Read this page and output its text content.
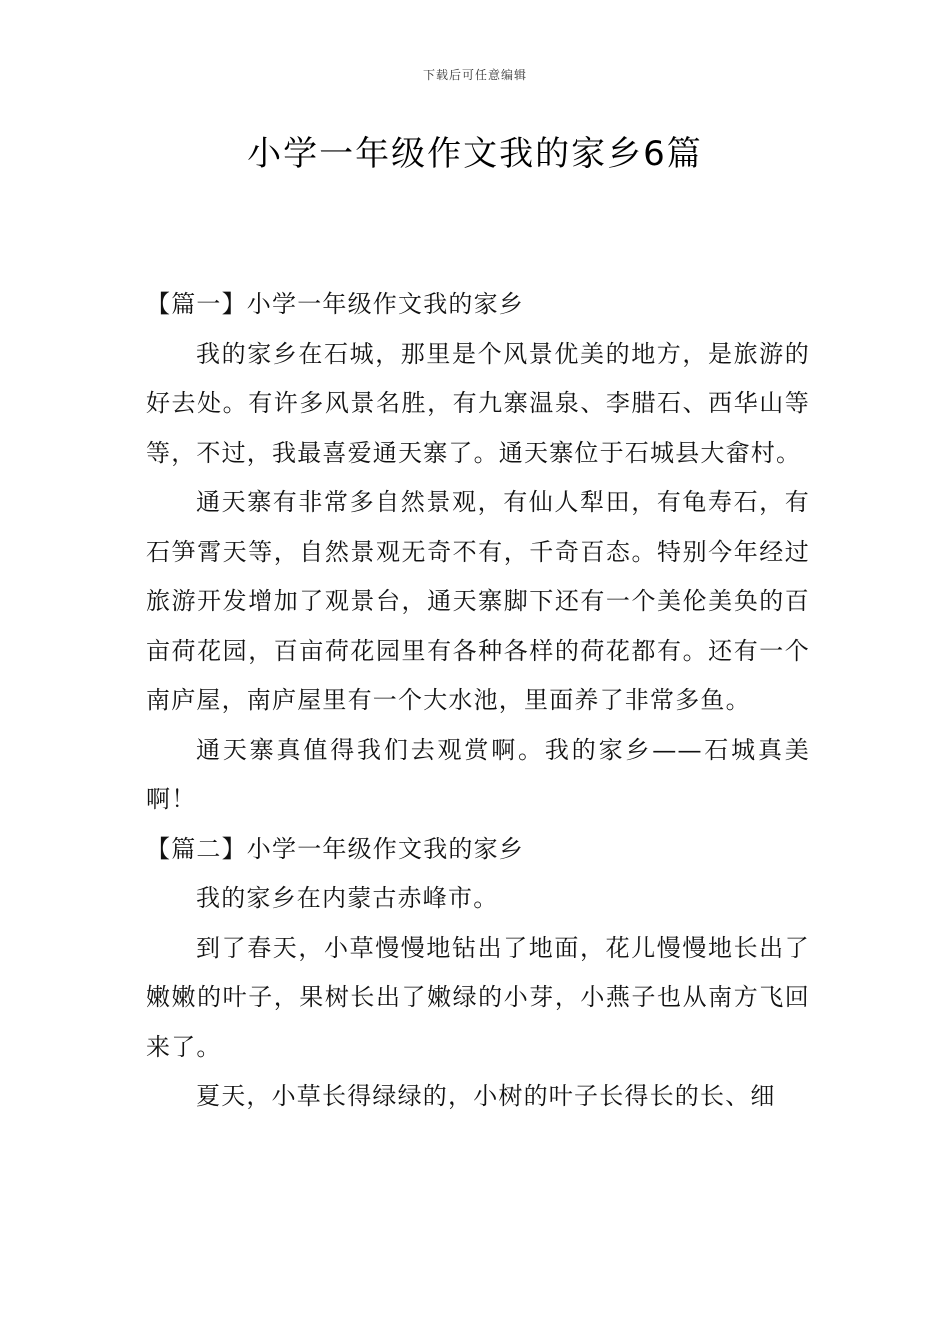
下载后可任意编辑
小学一年级作文我的家乡6篇

【篇一】小学一年级作文我的家乡

我的家乡在石城，那里是个风景优美的地方，是旅游的好去处。有许多风景名胜，有九寨温泉、李腊石、西华山等等，不过，我最喜爱通天寨了。通天寨位于石城县大畲村。

通天寨有非常多自然景观，有仙人犁田，有龟寿石，有石笋霄天等，自然景观无奇不有，千奇百态。特别今年经过旅游开发增加了观景台，通天寨脚下还有一个美伦美奂的百亩荷花园，百亩荷花园里有各种各样的荷花都有。还有一个南庐屋，南庐屋里有一个大水池，里面养了非常多鱼。

通天寨真值得我们去观赏啊。我的家乡——石城真美啊！

【篇二】小学一年级作文我的家乡

我的家乡在内蒙古赤峰市。

到了春天，小草慢慢地钻出了地面，花儿慢慢地长出了嫩嫩的叶子，果树长出了嫩绿的小芽，小燕子也从南方飞回来了。

夏天，小草长得绿绿的，小树的叶子长得长的长、细
